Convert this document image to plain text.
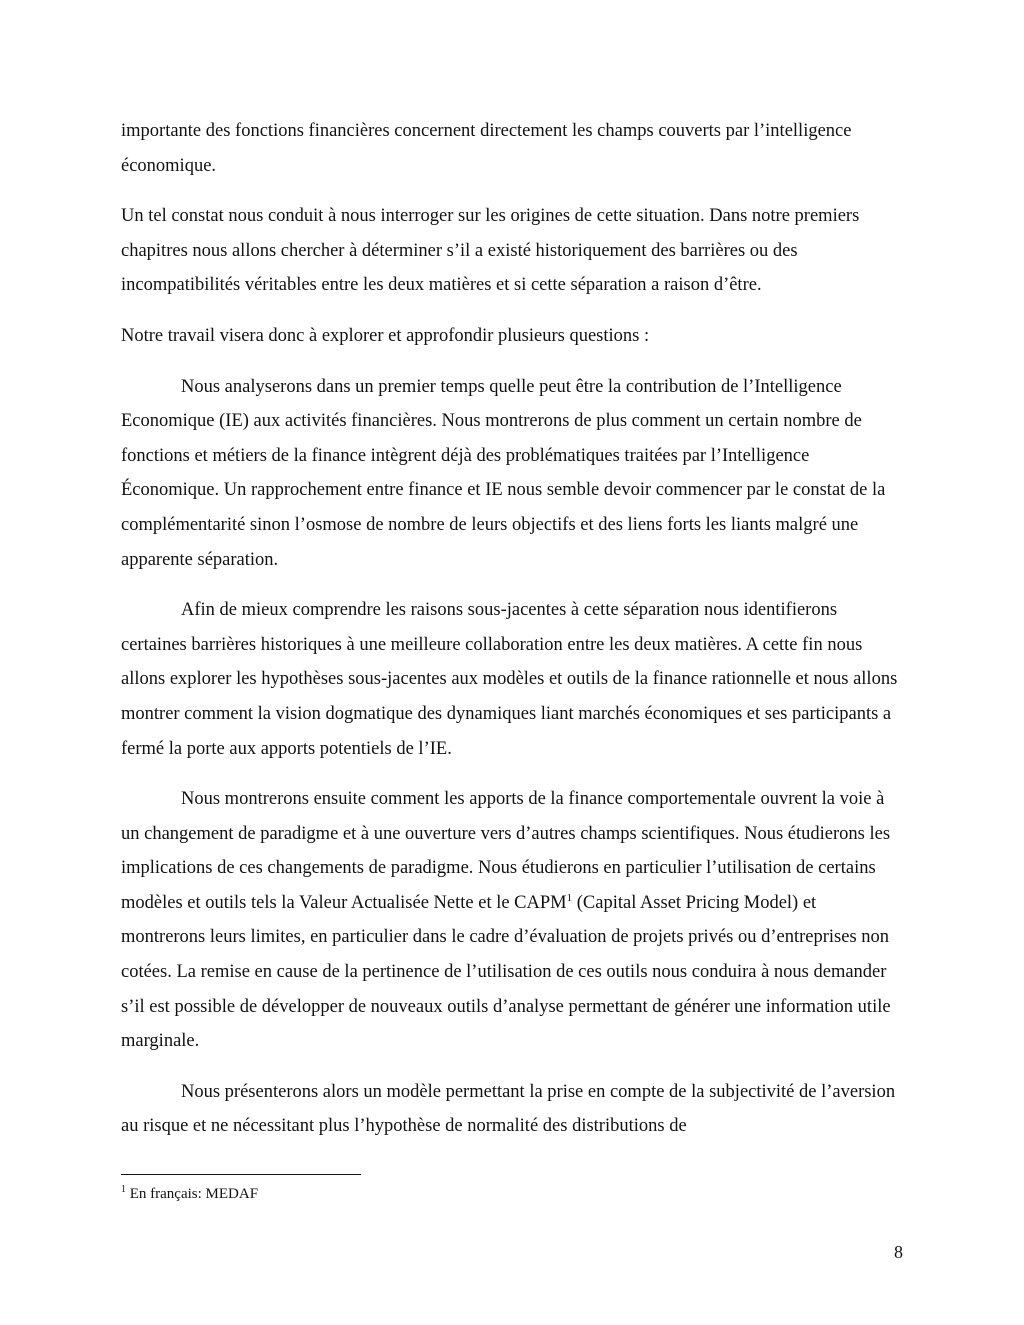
importante des fonctions financières concernent directement les champs couverts par l’intelligence économique.

Un tel constat nous conduit à nous interroger sur les origines de cette situation. Dans notre premiers chapitres nous allons chercher à déterminer s’il a existé historiquement des barrières ou des incompatibilités véritables entre les deux matières et si cette séparation a raison d’être.

Notre travail visera donc à explorer et approfondir plusieurs questions :

Nous analyserons dans un premier temps quelle peut être la contribution de l’Intelligence Economique (IE) aux activités financières. Nous montrerons de plus comment un certain nombre de fonctions et métiers de la finance intègrent déjà des problématiques traitées par l’Intelligence Économique. Un rapprochement entre finance et IE nous semble devoir commencer par le constat de la complémentarité sinon l’osmose de nombre de leurs objectifs et des liens forts les liants malgré une apparente séparation.

Afin de mieux comprendre les raisons sous-jacentes à cette séparation nous identifierons certaines barrières historiques à une meilleure collaboration entre les deux matières. A cette fin nous allons explorer les hypothèses sous-jacentes aux modèles et outils de la finance rationnelle et nous allons montrer comment la vision dogmatique des dynamiques liant marchés économiques et ses participants a fermé la porte aux apports potentiels de l’IE.

Nous montrerons ensuite comment les apports de la finance comportementale ouvrent la voie à un changement de paradigme et à une ouverture vers d’autres champs scientifiques. Nous étudierons les implications de ces changements de paradigme. Nous étudierons en particulier l’utilisation de certains modèles et outils tels la Valeur Actualisée Nette et le CAPM$^1$ (Capital Asset Pricing Model) et montrerons leurs limites, en particulier dans le cadre d’évaluation de projets privés ou d’entreprises non cotées. La remise en cause de la pertinence de l’utilisation de ces outils nous conduira à nous demander s’il est possible de développer de nouveaux outils d’analyse permettant de générer une information utile marginale.

Nous présenterons alors un modèle permettant la prise en compte de la subjectivité de l’aversion au risque et ne nécessitant plus l’hypothèse de normalité des distributions de

$^1$ En français: MEDAF
8
